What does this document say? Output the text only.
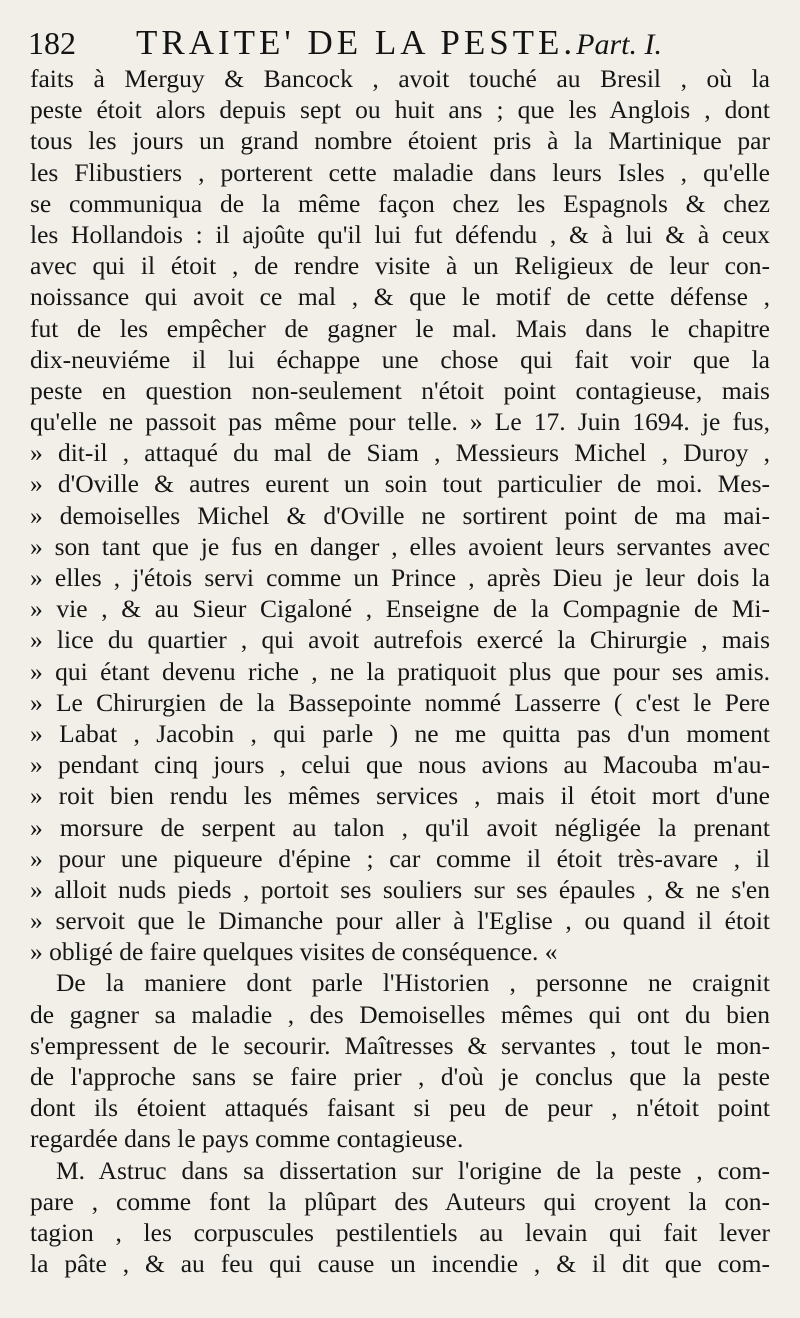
182 TRAITE' DE LA PESTE.Part. I.
faits à Merguy & Bancock , avoit touché au Bresil , où la
peste étoit alors depuis sept ou huit ans ; que les Anglois , dont
tous les jours un grand nombre étoient pris à la Martinique par
les Flibustiers , porterent cette maladie dans leurs Isles , qu'elle
se communiqua de la même façon chez les Espagnols & chez
les Hollandois : il ajoûte qu'il lui fut défendu , & à lui & à ceux
avec qui il étoit , de rendre visite à un Religieux de leur con-
noissance qui avoit ce mal , & que le motif de cette défense ,
fut de les empêcher de gagner le mal. Mais dans le chapitre
dix-neuviéme il lui échappe une chose qui fait voir que la
peste en question non-seulement n'étoit point contagieuse, mais
qu'elle ne passoit pas même pour telle. » Le 17. Juin 1694. je fus,
» dit-il , attaqué du mal de Siam , Messieurs Michel , Duroy ,
» d'Oville & autres eurent un soin tout particulier de moi. Mes-
» demoiselles Michel & d'Oville ne sortirent point de ma mai-
» son tant que je fus en danger , elles avoient leurs servantes avec
» elles , j'étois servi comme un Prince , après Dieu je leur dois la
» vie , & au Sieur Cigaloné , Enseigne de la Compagnie de Mi-
» lice du quartier , qui avoit autrefois exercé la Chirurgie , mais
» qui étant devenu riche , ne la pratiquoit plus que pour ses amis.
» Le Chirurgien de la Bassepointe nommé Lasserre ( c'est le Pere
» Labat , Jacobin , qui parle ) ne me quitta pas d'un moment
» pendant cinq jours , celui que nous avions au Macouba m'au-
» roit bien rendu les mêmes services , mais il étoit mort d'une
» morsure de serpent au talon , qu'il avoit négligée la prenant
» pour une piqueure d'épine ; car comme il étoit très-avare , il
» alloit nuds pieds , portoit ses souliers sur ses épaules , & ne s'en
» servoit que le Dimanche pour aller à l'Eglise , ou quand il étoit
» obligé de faire quelques visites de conséquence. «
De la maniere dont parle l'Historien , personne ne craignit
de gagner sa maladie , des Demoiselles mêmes qui ont du bien
s'empressent de le secourir. Maîtresses & servantes , tout le mon-
de l'approche sans se faire prier , d'où je conclus que la peste
dont ils étoient attaqués faisant si peu de peur , n'étoit point
regardée dans le pays comme contagieuse.
M. Astruc dans sa dissertation sur l'origine de la peste , com-
pare , comme font la plûpart des Auteurs qui croyent la con-
tagion , les corpuscules pestilentiels au levain qui fait lever
la pâte , & au feu qui cause un incendie , & il dit que com-
